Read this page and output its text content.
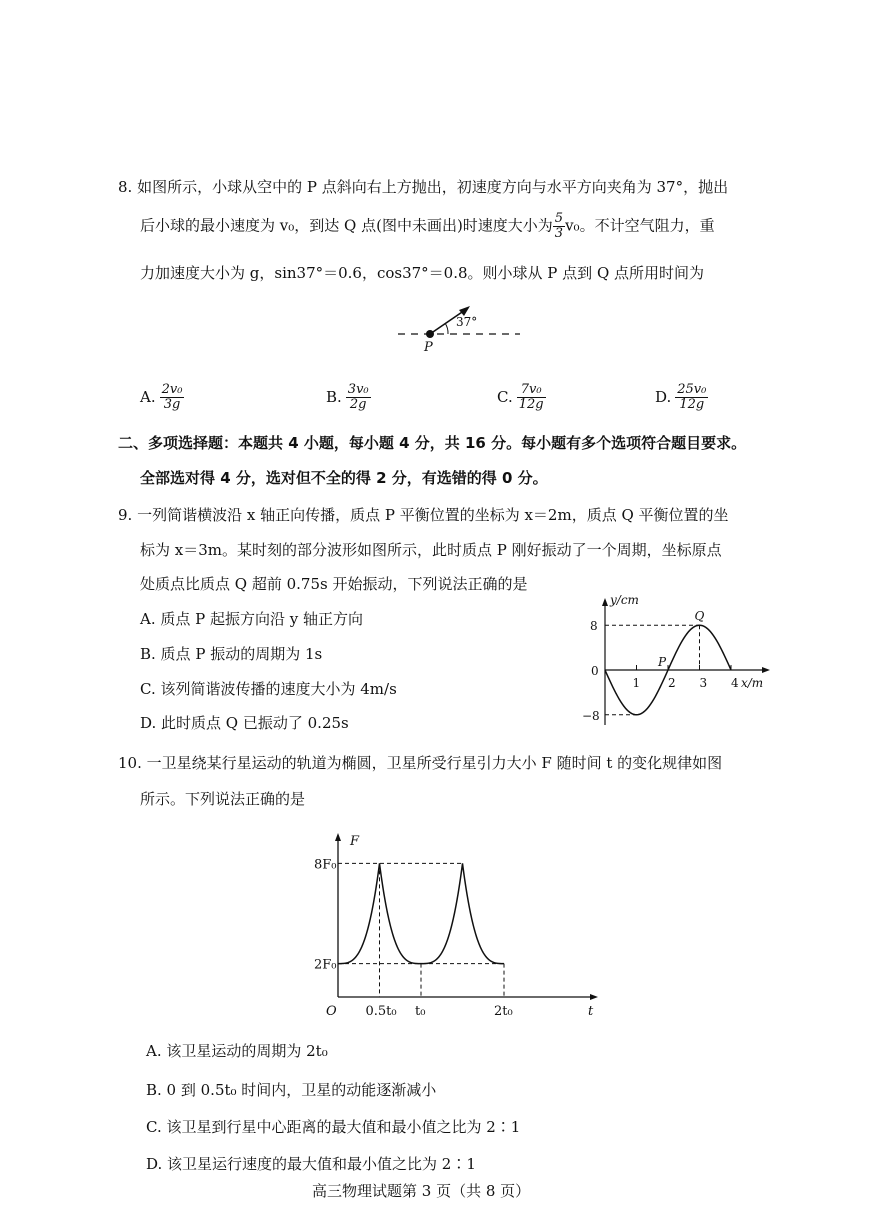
8. 如图所示，小球从空中的 P 点斜向右上方抛出，初速度方向与水平方向夹角为 37°，抛出
后小球的最小速度为 v₀，到达 Q 点(图中未画出)时速度大小为 $\frac{5}{3} v_0$。不计空气阻力，重
力加速度大小为 g，sin37°＝0.6，cos37°＝0.8。则小球从 P 点到 Q 点所用时间为
37°
P
A. $\frac{\text{2v₀}}{3g}$	B. $\frac{\text{3v₀}}{2g}$	C. $\frac{\text{7v₀}}{12g}$	D. $\frac{\text{25v₀}}{12g}$
二、多项选择题：本题共 4 小题，每小题 4 分，共 16 分。每小题有多个选项符合题目要求。
全部选对得 4 分，选对但不全的得 2 分，有选错的得 0 分。
9. 一列简谐横波沿 x 轴正向传播，质点 P 平衡位置的坐标为 x＝2m，质点 Q 平衡位置的坐
标为 x＝3m。某时刻的部分波形如图所示，此时质点 P 刚好振动了一个周期，坐标原点
处质点比质点 Q 超前 0.75s 开始振动，下列说法正确的是
A. 质点 P 起振方向沿 y 轴正方向
B. 质点 P 振动的周期为 1s
C. 该列简谐波传播的速度大小为 4m/s
D. 此时质点 Q 已振动了 0.25s
y/cm
x/m
1 2 3 4
8
0
−8
P
Q
10. 一卫星绕某行星运动的轨道为椭圆，卫星所受行星引力大小 F 随时间 t 的变化规律如图
所示。下列说法正确的是
F
t
8F₀
2F₀
O 0.5t₀ t₀	2t₀
A. 该卫星运动的周期为 2t₀
B. 0 到 0.5t₀ 时间内，卫星的动能逐渐减小
C. 该卫星到行星中心距离的最大值和最小值之比为 2∶1
D. 该卫星运行速度的最大值和最小值之比为 2∶1
高三物理试题第 3 页（共 8 页）
